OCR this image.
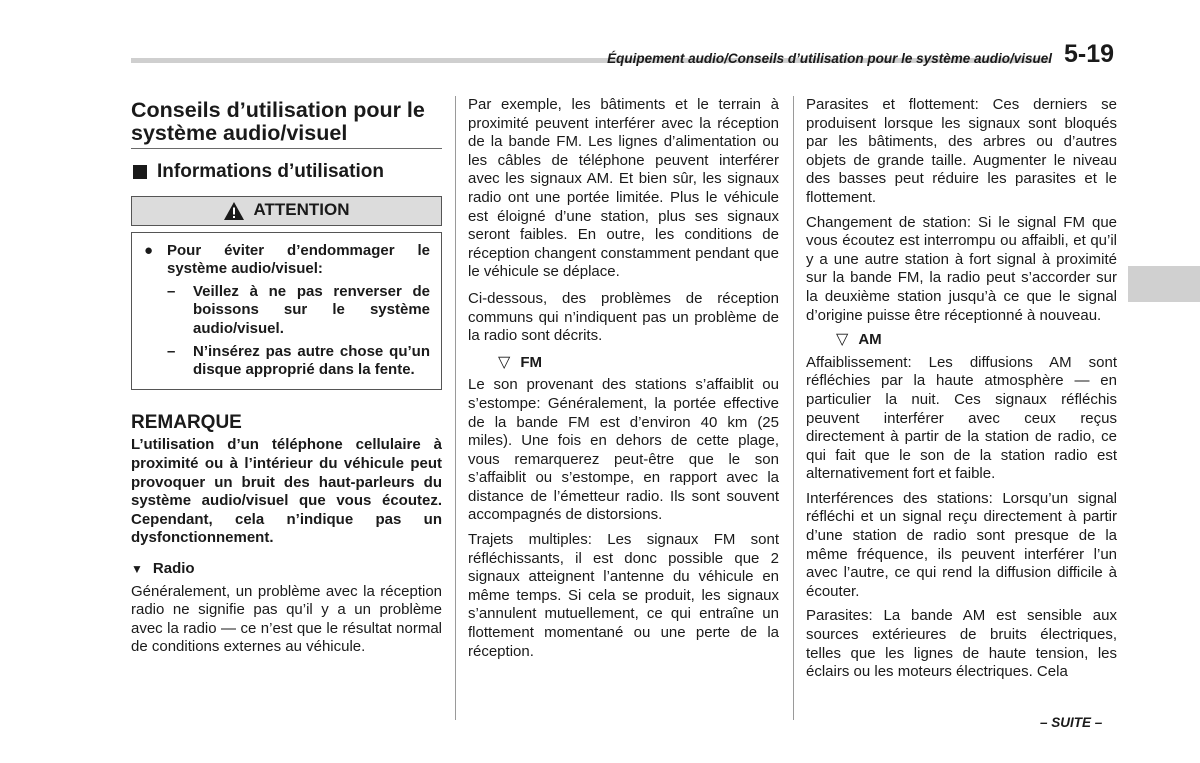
Équipement audio/Conseils d’utilisation pour le système audio/visuel 5-19
Conseils d’utilisation pour le système audio/visuel
Informations d’utilisation
ATTENTION
● Pour éviter d’endommager le système audio/visuel:
–	Veillez à ne pas renverser de boissons sur le système audio/visuel.
–	N’insérez pas autre chose qu’un disque approprié dans la fente.
REMARQUE
L’utilisation d’un téléphone cellulaire à proximité ou à l’intérieur du véhicule peut provoquer un bruit des haut-parleurs du système audio/visuel que vous écoutez. Cependant, cela n’indique pas un dysfonctionnement.
▼ Radio
Généralement, un problème avec la réception radio ne signifie pas qu’il y a un problème avec la radio — ce n’est que le résultat normal de conditions externes au véhicule.
Par exemple, les bâtiments et le terrain à proximité peuvent interférer avec la réception de la bande FM. Les lignes d’alimentation ou les câbles de téléphone peuvent interférer avec les signaux AM. Et bien sûr, les signaux radio ont une portée limitée. Plus le véhicule est éloigné d’une station, plus ses signaux seront faibles. En outre, les conditions de réception changent constamment pendant que le véhicule se déplace.
Ci-dessous, des problèmes de réception communs qui n’indiquent pas un problème de la radio sont décrits.
▽ FM
Le son provenant des stations s’affaiblit ou s’estompe: Généralement, la portée effective de la bande FM est d’environ 40 km (25 miles). Une fois en dehors de cette plage, vous remarquerez peut-être que le son s’affaiblit ou s’estompe, en rapport avec la distance de l’émetteur radio. Ils sont souvent accompagnés de distorsions.
Trajets multiples: Les signaux FM sont réfléchissants, il est donc possible que 2 signaux atteignent l’antenne du véhicule en même temps. Si cela se produit, les signaux s’annulent mutuellement, ce qui entraîne un flottement momentané ou une perte de la réception.
Parasites et flottement: Ces derniers se produisent lorsque les signaux sont bloqués par les bâtiments, des arbres ou d’autres objets de grande taille. Augmenter le niveau des basses peut réduire les parasites et le flottement.
Changement de station: Si le signal FM que vous écoutez est interrompu ou affaibli, et qu’il y a une autre station à fort signal à proximité sur la bande FM, la radio peut s’accorder sur la deuxième station jusqu’à ce que le signal d’origine puisse être réceptionné à nouveau.
▽ AM
Affaiblissement: Les diffusions AM sont réfléchies par la haute atmosphère — en particulier la nuit. Ces signaux réfléchis peuvent interférer avec ceux reçus directement à partir de la station de radio, ce qui fait que le son de la station radio est alternativement fort et faible.
Interférences des stations: Lorsqu’un signal réfléchi et un signal reçu directement à partir d’une station de radio sont presque de la même fréquence, ils peuvent interférer l’un avec l’autre, ce qui rend la diffusion difficile à écouter.
Parasites: La bande AM est sensible aux sources extérieures de bruits électriques, telles que les lignes de haute tension, les éclairs ou les moteurs électriques. Cela
– SUITE –
